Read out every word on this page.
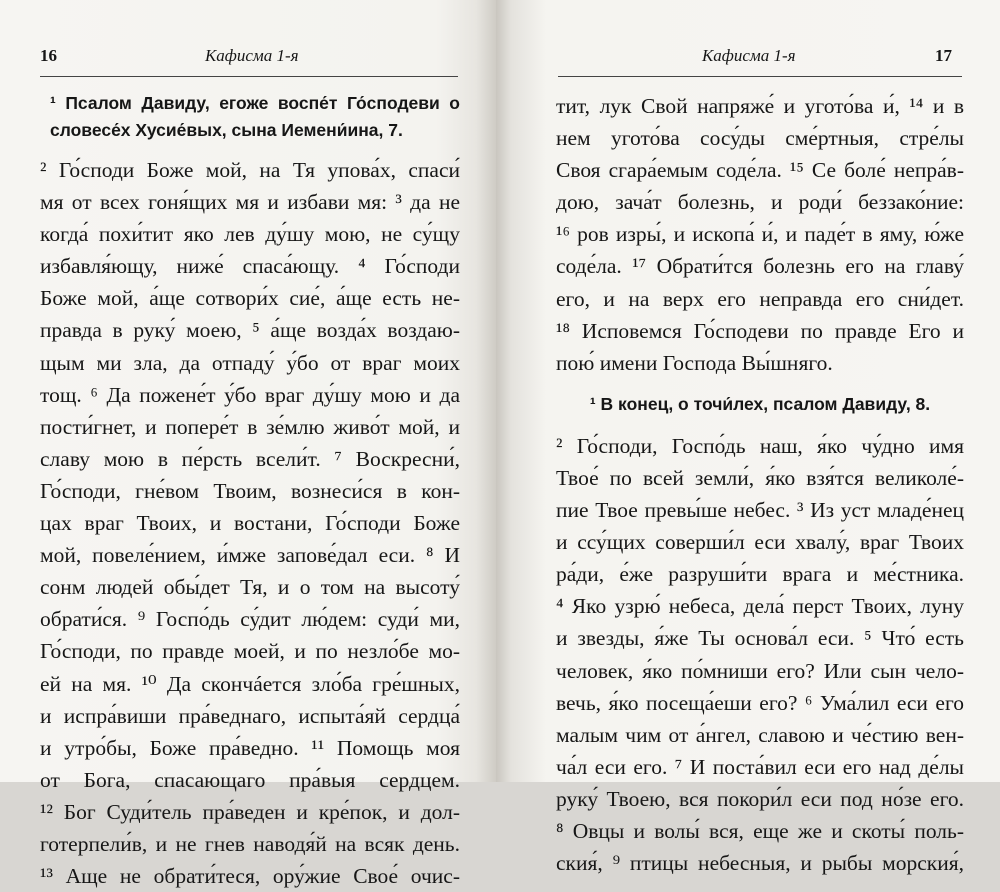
16	Кафисма 1-я
¹ Псалом Давиду, егоже воспе́т Го́сподеви о
словесе́х Хусие́вых, сына Иемени́ина, 7.
² Го́споди Боже мой, на Тя упова́х, спаси́
мя от всех гоня́щих мя и избави мя: ³ да не
когда́ похи́тит яко лев ду́шу мою, не су́щу
избавля́ющу, ниже́ спаса́ющу. ⁴ Го́споди
Боже мой, а́ще сотвори́х сие́, а́ще есть не-
правда в руку́ моею, ⁵ а́ще возда́х воздаю-
щым ми зла, да отпаду́ у́бо от враг моих
тощ. ⁶ Да пожене́т у́бо враг ду́шу мою и да
пости́гнет, и попере́т в зе́млю живо́т мой, и
славу мою в пе́рсть всели́т. ⁷ Воскресни́,
Го́споди, гне́вом Твоим, вознеси́ся в кон-
цах враг Твоих, и востани, Го́споди Боже
мой, повеле́нием, и́мже запове́дал еси. ⁸ И
сонм людей обы́дет Тя, и о том на высоту́
обрати́ся. ⁹ Госпо́дь су́дит лю́дем: суди́ ми,
Го́споди, по правде моей, и по незло́бе мо-
ей на мя. ¹⁰ Да скончáется зло́ба гре́шных,
и испра́виши пра́веднаго, испыта́яй сердца́
и утро́бы, Боже пра́ведно. ¹¹ Помощь моя
от Бога, спасающаго пра́выя сердцем.
¹² Бог Суди́тель пра́веден и кре́пок, и дол-
готерпели́в, и не гнев наводя́й на всяк день.
¹³ Аще не обрати́теся, ору́жие Свое́ очис-
Кафисма 1-я	17
тит, лук Свой напряже́ и угото́ва и́, ¹⁴ и в
нем угото́ва сосу́ды сме́ртныя, стре́лы
Своя сгара́емым соде́ла. ¹⁵ Се боле́ непра́в-
дою, зача́т болезнь, и роди́ беззако́ние:
¹⁶ ров изры́, и ископа́ и́, и паде́т в яму, ю́же
соде́ла. ¹⁷ Обрати́тся болезнь его на главу́
его, и на верх его неправда его сни́дет.
¹⁸ Исповемся Го́сподеви по правде Его и
пою́ имени Господа Вы́шняго.
¹ В конец, о точи́лех, псалом Давиду, 8.
² Го́споди, Госпо́дь наш, я́ко чу́дно имя
Твое́ по всей земли́, я́ко взя́тся великоле́-
пие Твое превы́ше небес. ³ Из уст младе́нец
и ссу́щих соверши́л еси хвалу́, враг Твоих
ра́ди, е́же разруши́ти врага и ме́стника.
⁴ Яко узрю́ небеса, дела́ перст Твоих, луну
и звезды, я́же Ты основа́л еси. ⁵ Что́ есть
человек, я́ко по́мниши его? Или сын чело-
вечь, я́ко посеща́еши его? ⁶ Ума́лил еси его
малым чим от а́нгел, славою и че́стию вен-
ча́л еси его. ⁷ И поста́вил еси его над де́лы
руку́ Твоею, вся покори́л еси под но́зе его.
⁸ Овцы и волы́ вся, еще же и скоты́ поль-
ския́, ⁹ птицы небесныя, и рыбы морския́,
